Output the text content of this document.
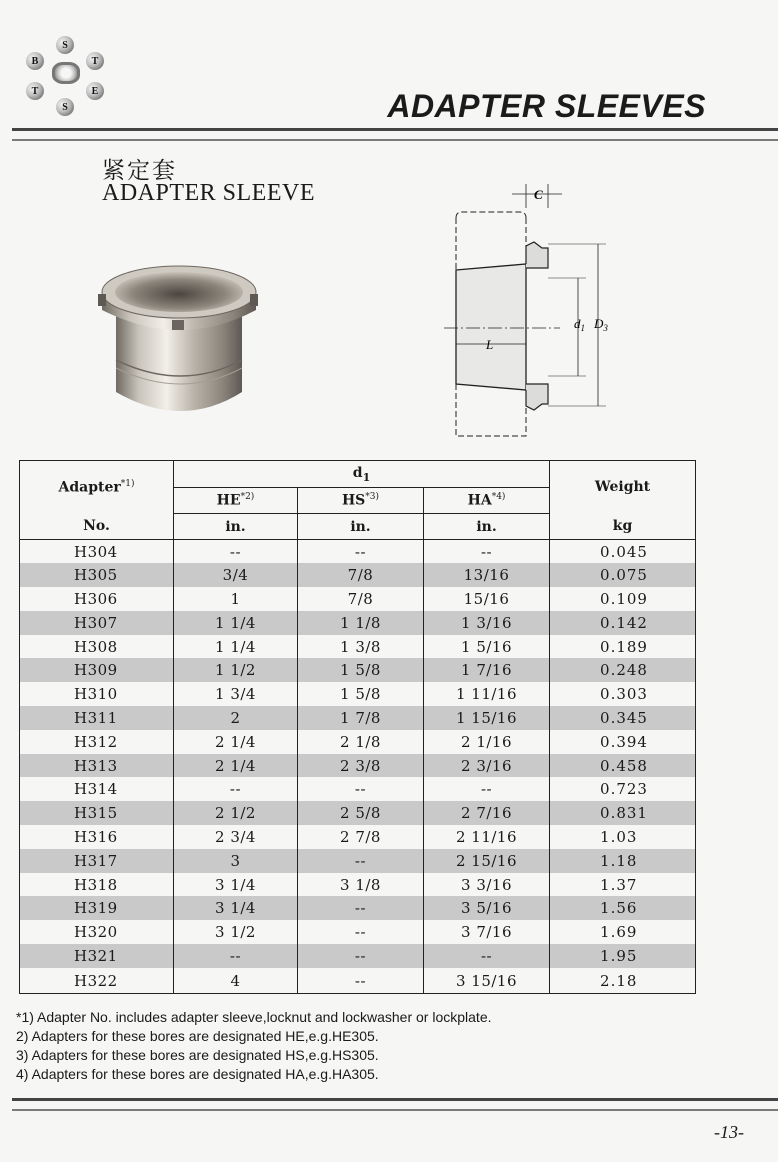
S
B	T
T	E
S	ADAPTER SLEEVES
紧定套
ADAPTER SLEEVE	C
L
$d_1$ $D_3$
Adapter$^{*1)}$	$d_1$			Weight
	HE$^{*2)}$	HS$^{*3)}$	HA$^{*4)}$
No.	in.	in.	in.	kg
H304	--	--	--	0.045
H305	3/4	7/8	13/16	0.075
H306	1	7/8	15/16	0.109
H307	1 1/4	1 1/8	1 3/16	0.142
H308	1 1/4	1 3/8	1 5/16	0.189
H309	1 1/2	1 5/8	1 7/16	0.248
H310	1 3/4	1 5/8	1 11/16	0.303
H311	2	1 7/8	1 15/16	0.345
H312	2 1/4	2 1/8	2 1/16	0.394
H313	2 1/4	2 3/8	2 3/16	0.458
H314	--	--	--	0.723
H315	2 1/2	2 5/8	2 7/16	0.831
H316	2 3/4	2 7/8	2 11/16	1.03
H317	3	--	2 15/16	1.18
H318	3 1/4	3 1/8	3 3/16	1.37
H319	3 1/4	--	3 5/16	1.56
H320	3 1/2	--	3 7/16	1.69
H321	--	--	--	1.95
H322	4	--	3 15/16	2.18
*1) Adapter No. includes adapter sleeve,locknut and lockwasher or lockplate.
2) Adapters for these bores are designated HE,e.g.HE305.
3) Adapters for these bores are designated HS,e.g.HS305.
4) Adapters for these bores are designated HA,e.g.HA305.
-13-
